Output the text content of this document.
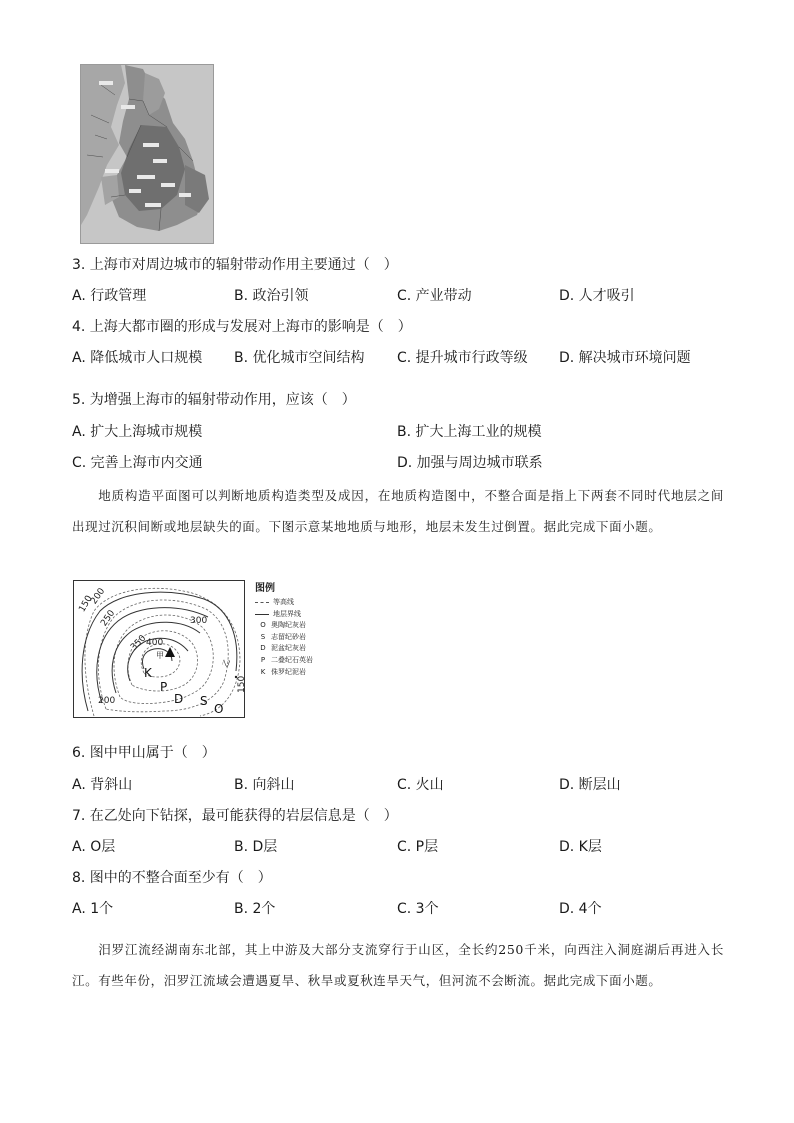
3. 上海市对周边城市的辐射带动作用主要通过（　）
A. 行政管理	B. 政治引领	C. 产业带动	D. 人才吸引
4. 上海大都市圈的形成与发展对上海市的影响是（　）
A. 降低城市人口规模 B. 优化城市空间结构 C. 提升城市行政等级 D. 解决城市环境问题
5. 为增强上海市的辐射带动作用，应该（　）
A. 扩大上海城市规模	B. 扩大上海工业的规模
C. 完善上海市内交通	D. 加强与周边城市联系
地质构造平面图可以判断地质构造类型及成因，在地质构造图中，不整合面是指上下两套不同时代地层之间出现过沉积间断或地层缺失的面。下图示意某地地质与地形，地层未发生过倒置。据此完成下面小题。
150
200
250	300
350
400
200
150
甲
乙
K
P
D S
O
图例
等高线
地层界线
O 奥陶纪灰岩
S 志留纪砂岩
D 泥盆纪灰岩
P 二叠纪石英岩
K 侏罗纪泥岩
6. 图中甲山属于（　）
A. 背斜山	B. 向斜山	C. 火山	D. 断层山
7. 在乙处向下钻探，最可能获得的岩层信息是（　）
A. O层	B. D层	C. P层	D. K层
8. 图中的不整合面至少有（　）
A. 1个	B. 2个	C. 3个	D. 4个
汨罗江流经湖南东北部，其上中游及大部分支流穿行于山区，全长约250千米，向西注入洞庭湖后再进入长江。有些年份，汨罗江流域会遭遇夏旱、秋旱或夏秋连旱天气，但河流不会断流。据此完成下面小题。
